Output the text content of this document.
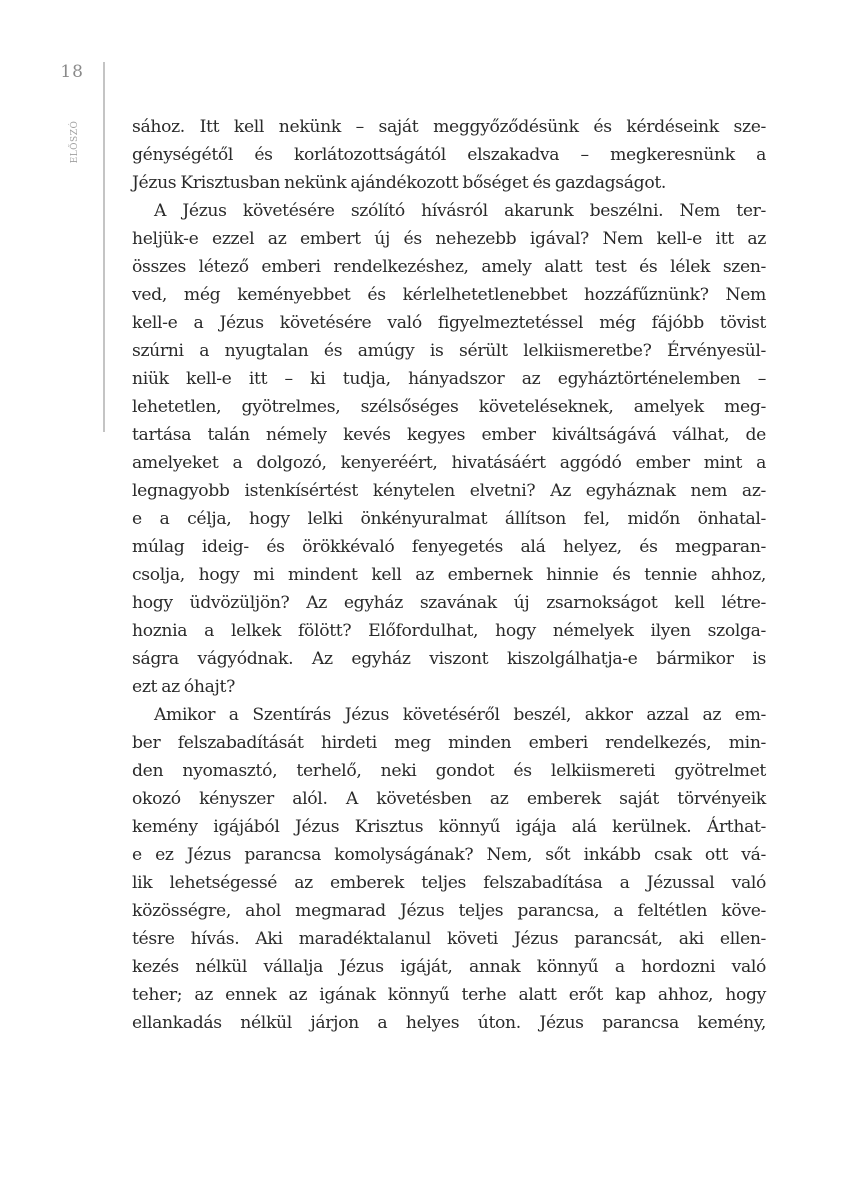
18
ELŐSZÓ	sához. Itt kell nekünk – saját meggyőződésünk és kérdéseink sze-
génységétől és korlátozottságától elszakadva – megkeresnünk a
Jézus Krisztusban nekünk ajándékozott bőséget és gazdagságot.
A Jézus követésére szólító hívásról akarunk beszélni. Nem ter-
heljük-e ezzel az embert új és nehezebb igával? Nem kell-e itt az
összes létező emberi rendelkezéshez, amely alatt test és lélek szen-
ved, még keményebbet és kérlelhetetlenebbet hozzáfűznünk? Nem
kell-e a Jézus követésére való figyelmeztetéssel még fájóbb tövist
szúrni a nyugtalan és amúgy is sérült lelkiismeretbe? Érvényesül-
niük kell-e itt – ki tudja, hányadszor az egyháztörténelemben –
lehetetlen, gyötrelmes, szélsőséges követeléseknek, amelyek meg-
tartása talán némely kevés kegyes ember kiváltságává válhat, de
amelyeket a dolgozó, kenyeréért, hivatásáért aggódó ember mint a
legnagyobb istenkísértést kénytelen elvetni? Az egyháznak nem az-
e a célja, hogy lelki önkényuralmat állítson fel, midőn önhatal-
múlag ideig- és örökkévaló fenyegetés alá helyez, és megparan-
csolja, hogy mi mindent kell az embernek hinnie és tennie ahhoz,
hogy üdvözüljön? Az egyház szavának új zsarnokságot kell létre-
hoznia a lelkek fölött? Előfordulhat, hogy némelyek ilyen szolga-
ságra vágyódnak. Az egyház viszont kiszolgálhatja-e bármikor is
ezt az óhajt?
Amikor a Szentírás Jézus követéséről beszél, akkor azzal az em-
ber felszabadítását hirdeti meg minden emberi rendelkezés, min-
den nyomasztó, terhelő, neki gondot és lelkiismereti gyötrelmet
okozó kényszer alól. A követésben az emberek saját törvényeik
kemény igájából Jézus Krisztus könnyű igája alá kerülnek. Árthat-
e ez Jézus parancsa komolyságának? Nem, sőt inkább csak ott vá-
lik lehetségessé az emberek teljes felszabadítása a Jézussal való
közösségre, ahol megmarad Jézus teljes parancsa, a feltétlen köve-
tésre hívás. Aki maradéktalanul követi Jézus parancsát, aki ellen-
kezés nélkül vállalja Jézus igáját, annak könnyű a hordozni való
teher; az ennek az igának könnyű terhe alatt erőt kap ahhoz, hogy
ellankadás nélkül járjon a helyes úton. Jézus parancsa kemény,
